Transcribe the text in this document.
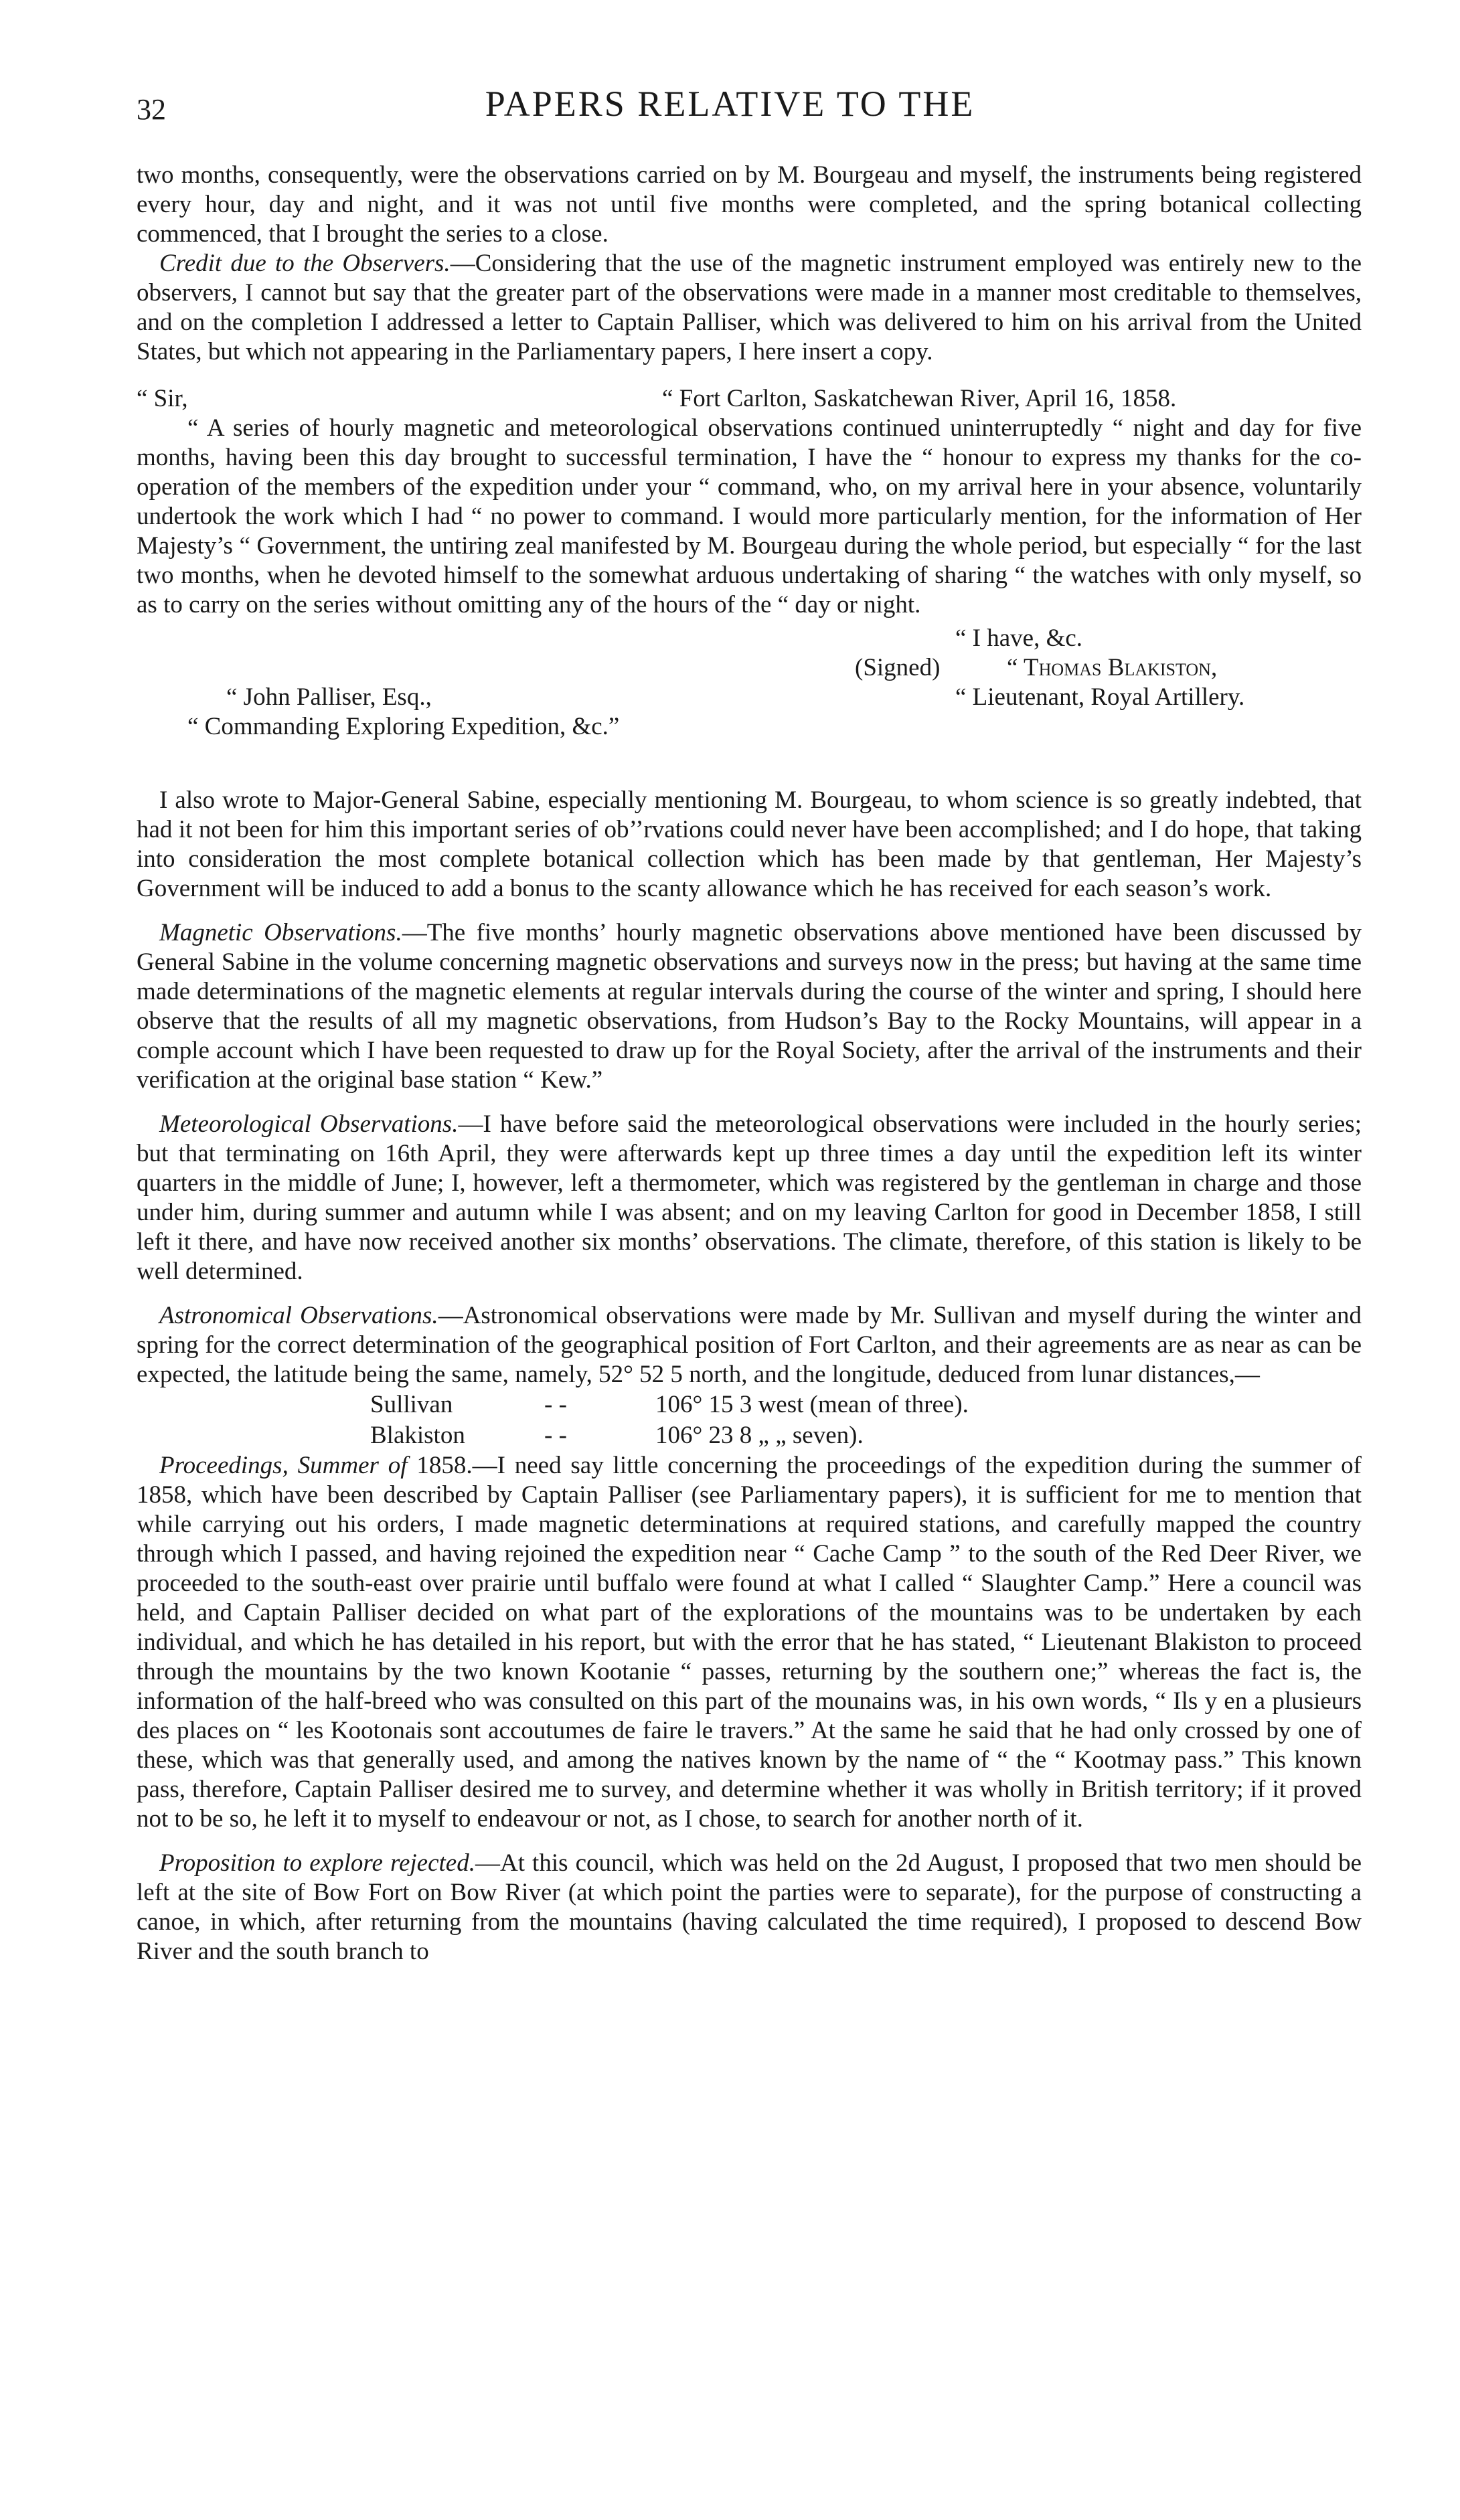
32	PAPERS RELATIVE TO THE

two months, consequently, were the observations carried on by M. Bourgeau and myself, the instruments being registered every hour, day and night, and it was not until five months were completed, and the spring botanical collecting commenced, that I brought the series to a close.

Credit due to the Observers.—Considering that the use of the magnetic instrument employed was entirely new to the observers, I cannot but say that the greater part of the observations were made in a manner most creditable to themselves, and on the completion I addressed a letter to Captain Palliser, which was delivered to him on his arrival from the United States, but which not appearing in the Parliamentary papers, I here insert a copy.

“ Sir,	“ Fort Carlton, Saskatchewan River, April 16, 1858.

“ A series of hourly magnetic and meteorological observations continued uninterruptedly “ night and day for five months, having been this day brought to successful termination, I have the “ honour to express my thanks for the co-operation of the members of the expedition under your “ command, who, on my arrival here in your absence, voluntarily undertook the work which I had “ no power to command. I would more particularly mention, for the information of Her Majesty’s “ Government, the untiring zeal manifested by M. Bourgeau during the whole period, but especially “ for the last two months, when he devoted himself to the somewhat arduous undertaking of sharing “ the watches with only myself, so as to carry on the series without omitting any of the hours of the “ day or night.

“ I have, &c.
(Signed)	“ Thomas Blakiston,
“ John Palliser, Esq.,	“ Lieutenant, Royal Artillery.
“ Commanding Exploring Expedition, &c.”

I also wrote to Major-General Sabine, especially mentioning M. Bourgeau, to whom science is so greatly indebted, that had it not been for him this important series of ob’’rvations could never have been accomplished; and I do hope, that taking into consideration the most complete botanical collection which has been made by that gentleman, Her Majesty’s Government will be induced to add a bonus to the scanty allowance which he has received for each season’s work.

Magnetic Observations.—The five months’ hourly magnetic observations above mentioned have been discussed by General Sabine in the volume concerning magnetic observations and surveys now in the press; but having at the same time made determinations of the magnetic elements at regular intervals during the course of the winter and spring, I should here observe that the results of all my magnetic observations, from Hudson’s Bay to the Rocky Mountains, will appear in a comple account which I have been requested to draw up for the Royal Society, after the arrival of the instruments and their verification at the original base station “ Kew.”

Meteorological Observations.—I have before said the meteorological observations were included in the hourly series; but that terminating on 16th April, they were afterwards kept up three times a day until the expedition left its winter quarters in the middle of June; I, however, left a thermometer, which was registered by the gentleman in charge and those under him, during summer and autumn while I was absent; and on my leaving Carlton for good in December 1858, I still left it there, and have now received another six months’ observations. The climate, therefore, of this station is likely to be well determined.

Astronomical Observations.—Astronomical observations were made by Mr. Sullivan and myself during the winter and spring for the correct determination of the geographical position of Fort Carlton, and their agreements are as near as can be expected, the latitude being the same, namely, 52° 52 5 north, and the longitude, deduced from lunar distances,—

Sullivan	- -	106° 15 3 west (mean of three).
Blakiston	- -	106° 23 8 „ „ seven).

Proceedings, Summer of 1858.—I need say little concerning the proceedings of the expedition during the summer of 1858, which have been described by Captain Palliser (see Parliamentary papers), it is sufficient for me to mention that while carrying out his orders, I made magnetic determinations at required stations, and carefully mapped the country through which I passed, and having rejoined the expedition near “ Cache Camp ” to the south of the Red Deer River, we proceeded to the south-east over prairie until buffalo were found at what I called “ Slaughter Camp.” Here a council was held, and Captain Palliser decided on what part of the explorations of the mountains was to be undertaken by each individual, and which he has detailed in his report, but with the error that he has stated, “ Lieutenant Blakiston to proceed through the mountains by the two known Kootanie “ passes, returning by the southern one;” whereas the fact is, the information of the half-breed who was consulted on this part of the mounains was, in his own words, “ Ils y en a plusieurs des places on “ les Kootonais sont accoutumes de faire le travers.” At the same he said that he had only crossed by one of these, which was that generally used, and among the natives known by the name of “ the “ Kootmay pass.” This known pass, therefore, Captain Palliser desired me to survey, and determine whether it was wholly in British territory; if it proved not to be so, he left it to myself to endeavour or not, as I chose, to search for another north of it.

Proposition to explore rejected.—At this council, which was held on the 2d August, I proposed that two men should be left at the site of Bow Fort on Bow River (at which point the parties were to separate), for the purpose of constructing a canoe, in which, after returning from the mountains (having calculated the time required), I proposed to descend Bow River and the south branch to
